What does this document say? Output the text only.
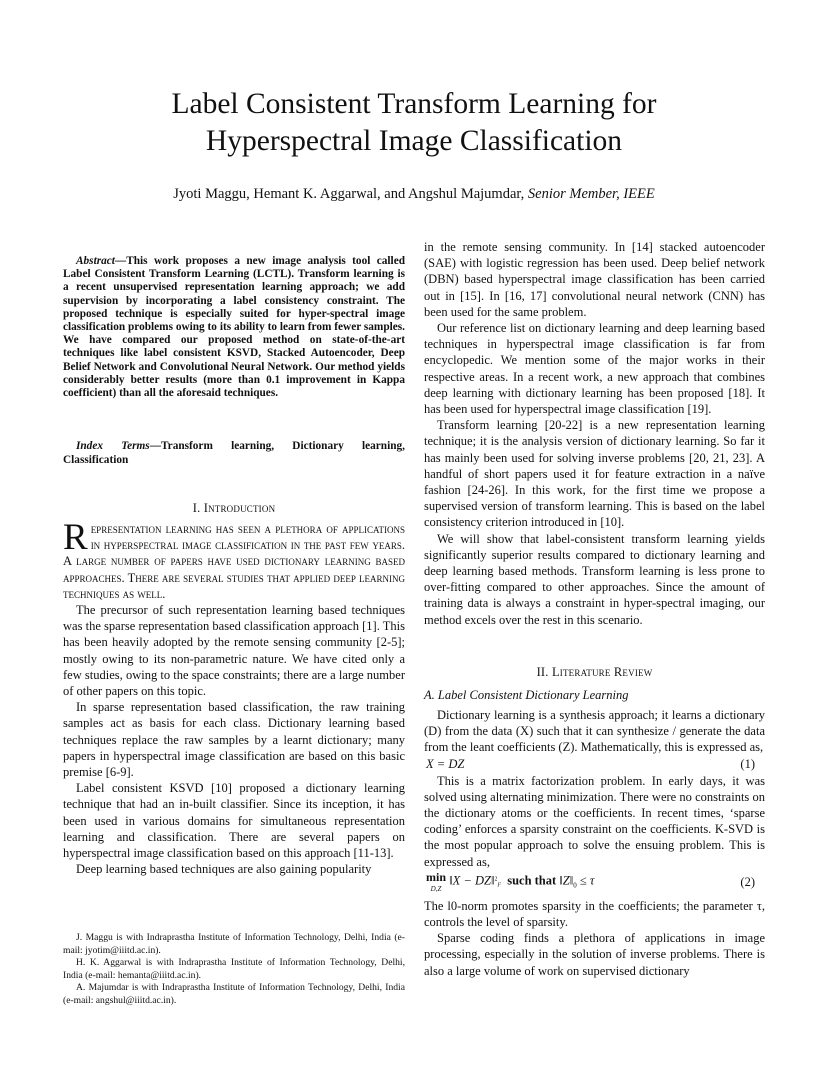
Label Consistent Transform Learning for
Hyperspectral Image Classification
Jyoti Maggu, Hemant K. Aggarwal, and Angshul Majumdar, Senior Member, IEEE

Abstract—This work proposes a new image analysis tool called Label Consistent Transform Learning (LCTL). Transform learning is a recent unsupervised representation learning approach; we add supervision by incorporating a label consistency constraint. The proposed technique is especially suited for hyper-spectral image classification problems owing to its ability to learn from fewer samples. We have compared our proposed method on state-of-the-art techniques like label consistent KSVD, Stacked Autoencoder, Deep Belief Network and Convolutional Neural Network. Our method yields considerably better results (more than 0.1 improvement in Kappa coefficient) than all the aforesaid techniques.

Index Terms—Transform learning, Dictionary learning, Classification

I. Introduction

Representation learning has seen a plethora of applications in hyperspectral image classification in the past few years. A large number of papers have used dictionary learning based approaches. There are several studies that applied deep learning techniques as well.

The precursor of such representation learning based techniques was the sparse representation based classification approach [1]. This has been heavily adopted by the remote sensing community [2-5]; mostly owing to its non-parametric nature. We have cited only a few studies, owing to the space constraints; there are a large number of other papers on this topic.

In sparse representation based classification, the raw training samples act as basis for each class. Dictionary learning based techniques replace the raw samples by a learnt dictionary; many papers in hyperspectral image classification are based on this basic premise [6-9].

Label consistent KSVD [10] proposed a dictionary learning technique that had an in-built classifier. Since its inception, it has been used in various domains for simultaneous representation learning and classification. There are several papers on hyperspectral image classification based on this approach [11-13].

Deep learning based techniques are also gaining popularity

J. Maggu is with Indraprastha Institute of Information Technology, Delhi, India (e-mail: jyotim@iiitd.ac.in).

H. K. Aggarwal is with Indraprastha Institute of Information Technology, Delhi, India (e-mail: hemanta@iiitd.ac.in).

A. Majumdar is with Indraprastha Institute of Information Technology, Delhi, India (e-mail: angshul@iiitd.ac.in).

in the remote sensing community. In [14] stacked autoencoder (SAE) with logistic regression has been used. Deep belief network (DBN) based hyperspectral image classification has been carried out in [15]. In [16, 17] convolutional neural network (CNN) has been used for the same problem.

Our reference list on dictionary learning and deep learning based techniques in hyperspectral image classification is far from encyclopedic. We mention some of the major works in their respective areas. In a recent work, a new approach that combines deep learning with dictionary learning has been proposed [18]. It has been used for hyperspectral image classification [19].

Transform learning [20-22] is a new representation learning technique; it is the analysis version of dictionary learning. So far it has mainly been used for solving inverse problems [20, 21, 23]. A handful of short papers used it for feature extraction in a naïve fashion [24-26]. In this work, for the first time we propose a supervised version of transform learning. This is based on the label consistency criterion introduced in [10].

We will show that label-consistent transform learning yields significantly superior results compared to dictionary learning and deep learning based methods. Transform learning is less prone to over-fitting compared to other approaches. Since the amount of training data is always a constraint in hyper-spectral imaging, our method excels over the rest in this scenario.

II. Literature Review
A. Label Consistent Dictionary Learning

Dictionary learning is a synthesis approach; it learns a dictionary (D) from the data (X) such that it can synthesize / generate the data from the leant coefficients (Z). Mathematically, this is expressed as,

X = DZ	(1)

This is a matrix factorization problem. In early days, it was solved using alternating minimization. There were no constraints on the dictionary atoms or the coefficients. In recent times, ‘sparse coding’ enforces a sparsity constraint on the coefficients. K-SVD is the most popular approach to solve the ensuing problem. This is expressed as,

min
D,Z ‖X − DZ‖$^2_F$ such that $‖Z‖_0 \le \tau$	(2)

The l0-norm promotes sparsity in the coefficients; the parameter τ, controls the level of sparsity.

Sparse coding finds a plethora of applications in image processing, especially in the solution of inverse problems. There is also a large volume of work on supervised dictionary
